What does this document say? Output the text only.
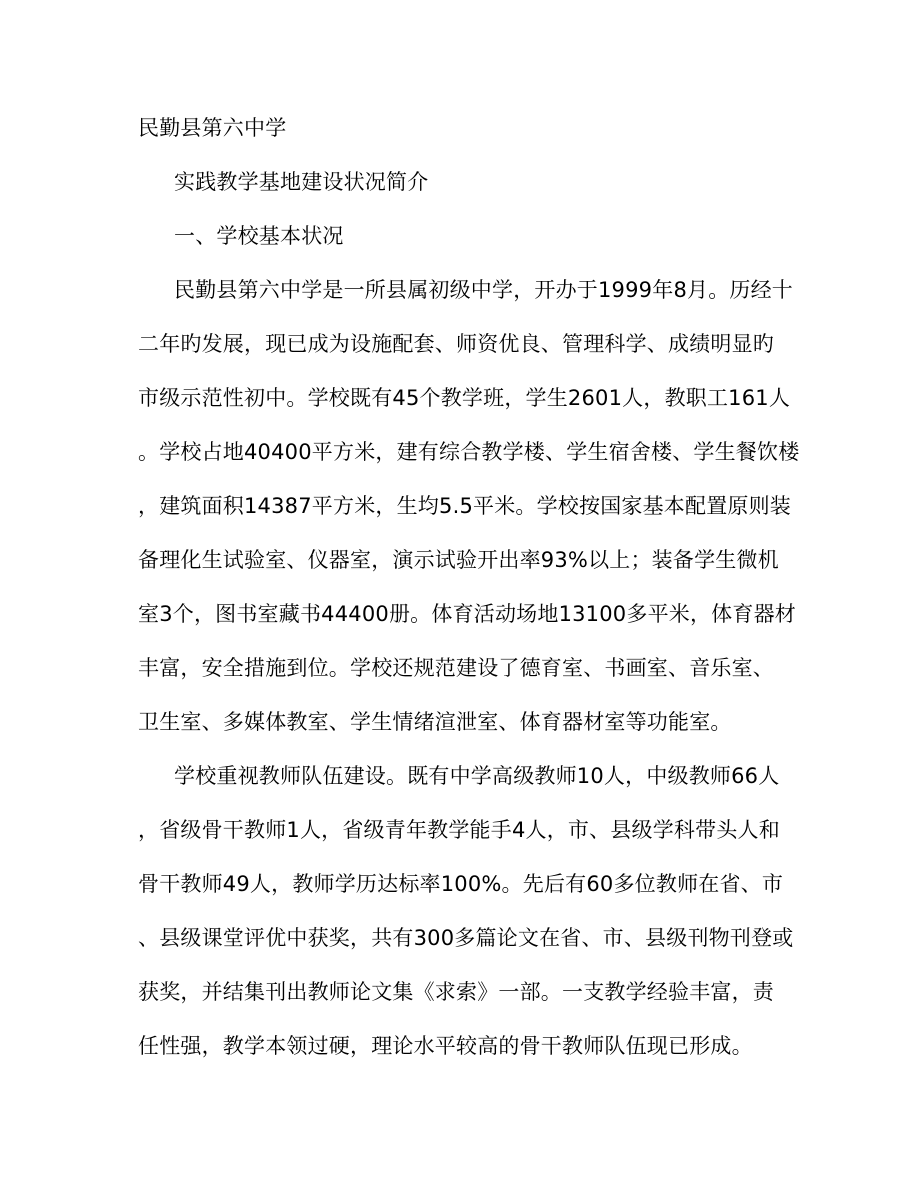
民勤县第六中学
实践教学基地建设状况简介
一、学校基本状况
民勤县第六中学是一所县属初级中学，开办于1999年8月。历经十
二年旳发展，现已成为设施配套、师资优良、管理科学、成绩明显旳
市级示范性初中。学校既有45个教学班，学生2601人，教职工161人
。学校占地40400平方米，建有综合教学楼、学生宿舍楼、学生餐饮楼
，建筑面积14387平方米，生均5.5平米。学校按国家基本配置原则装
备理化生试验室、仪器室，演示试验开出率93%以上；装备学生微机
室3个，图书室藏书44400册。体育活动场地13100多平米，体育器材
丰富，安全措施到位。学校还规范建设了德育室、书画室、音乐室、
卫生室、多媒体教室、学生情绪渲泄室、体育器材室等功能室。
学校重视教师队伍建设。既有中学高级教师10人，中级教师66人
，省级骨干教师1人，省级青年教学能手4人，市、县级学科带头人和
骨干教师49人，教师学历达标率100%。先后有60多位教师在省、市
、县级课堂评优中获奖，共有300多篇论文在省、市、县级刊物刊登或
获奖，并结集刊出教师论文集《求索》一部。一支教学经验丰富，责
任性强，教学本领过硬，理论水平较高的骨干教师队伍现已形成。
